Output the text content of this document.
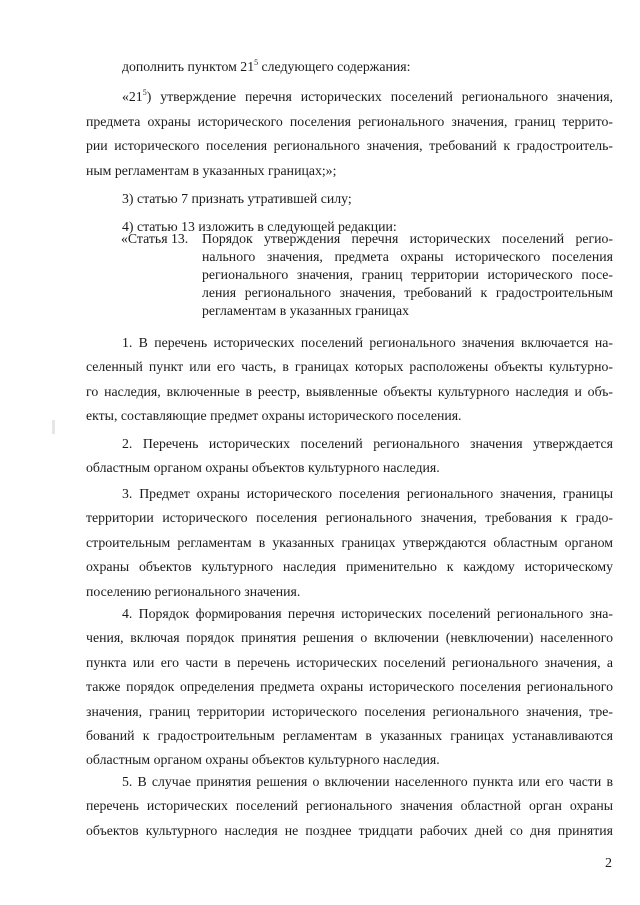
дополнить пунктом $21^5$ следующего содержания:
«$21^5$) утверждение перечня исторических поселений регионального значения,
предмета охраны исторического поселения регионального значения, границ террито-
рии исторического поселения регионального значения, требований к градостроитель-
ным регламентам в указанных границах;»;
3) статью 7 признать утратившей силу;
4) статью 13 изложить в следующей редакции:
«Статья 13. Порядок утверждения перечня исторических поселений регио-
нального значения, предмета охраны исторического поселения
регионального значения, границ территории исторического посе-
ления регионального значения, требований к градостроительным
регламентам в указанных границах
1. В перечень исторических поселений регионального значения включается на-
селенный пункт или его часть, в границах которых расположены объекты культурно-
го наследия, включенные в реестр, выявленные объекты культурного наследия и объ-
екты, составляющие предмет охраны исторического поселения.
2. Перечень исторических поселений регионального значения утверждается
областным органом охраны объектов культурного наследия.
3. Предмет охраны исторического поселения регионального значения, границы
территории исторического поселения регионального значения, требования к градо-
строительным регламентам в указанных границах утверждаются областным органом
охраны объектов культурного наследия применительно к каждому историческому
поселению регионального значения.
4. Порядок формирования перечня исторических поселений регионального зна-
чения, включая порядок принятия решения о включении (невключении) населенного
пункта или его части в перечень исторических поселений регионального значения, а
также порядок определения предмета охраны исторического поселения регионального
значения, границ территории исторического поселения регионального значения, тре-
бований к градостроительным регламентам в указанных границах устанавливаются
областным органом охраны объектов культурного наследия.
5. В случае принятия решения о включении населенного пункта или его части в
перечень исторических поселений регионального значения областной орган охраны
объектов культурного наследия не позднее тридцати рабочих дней со дня принятия
2
